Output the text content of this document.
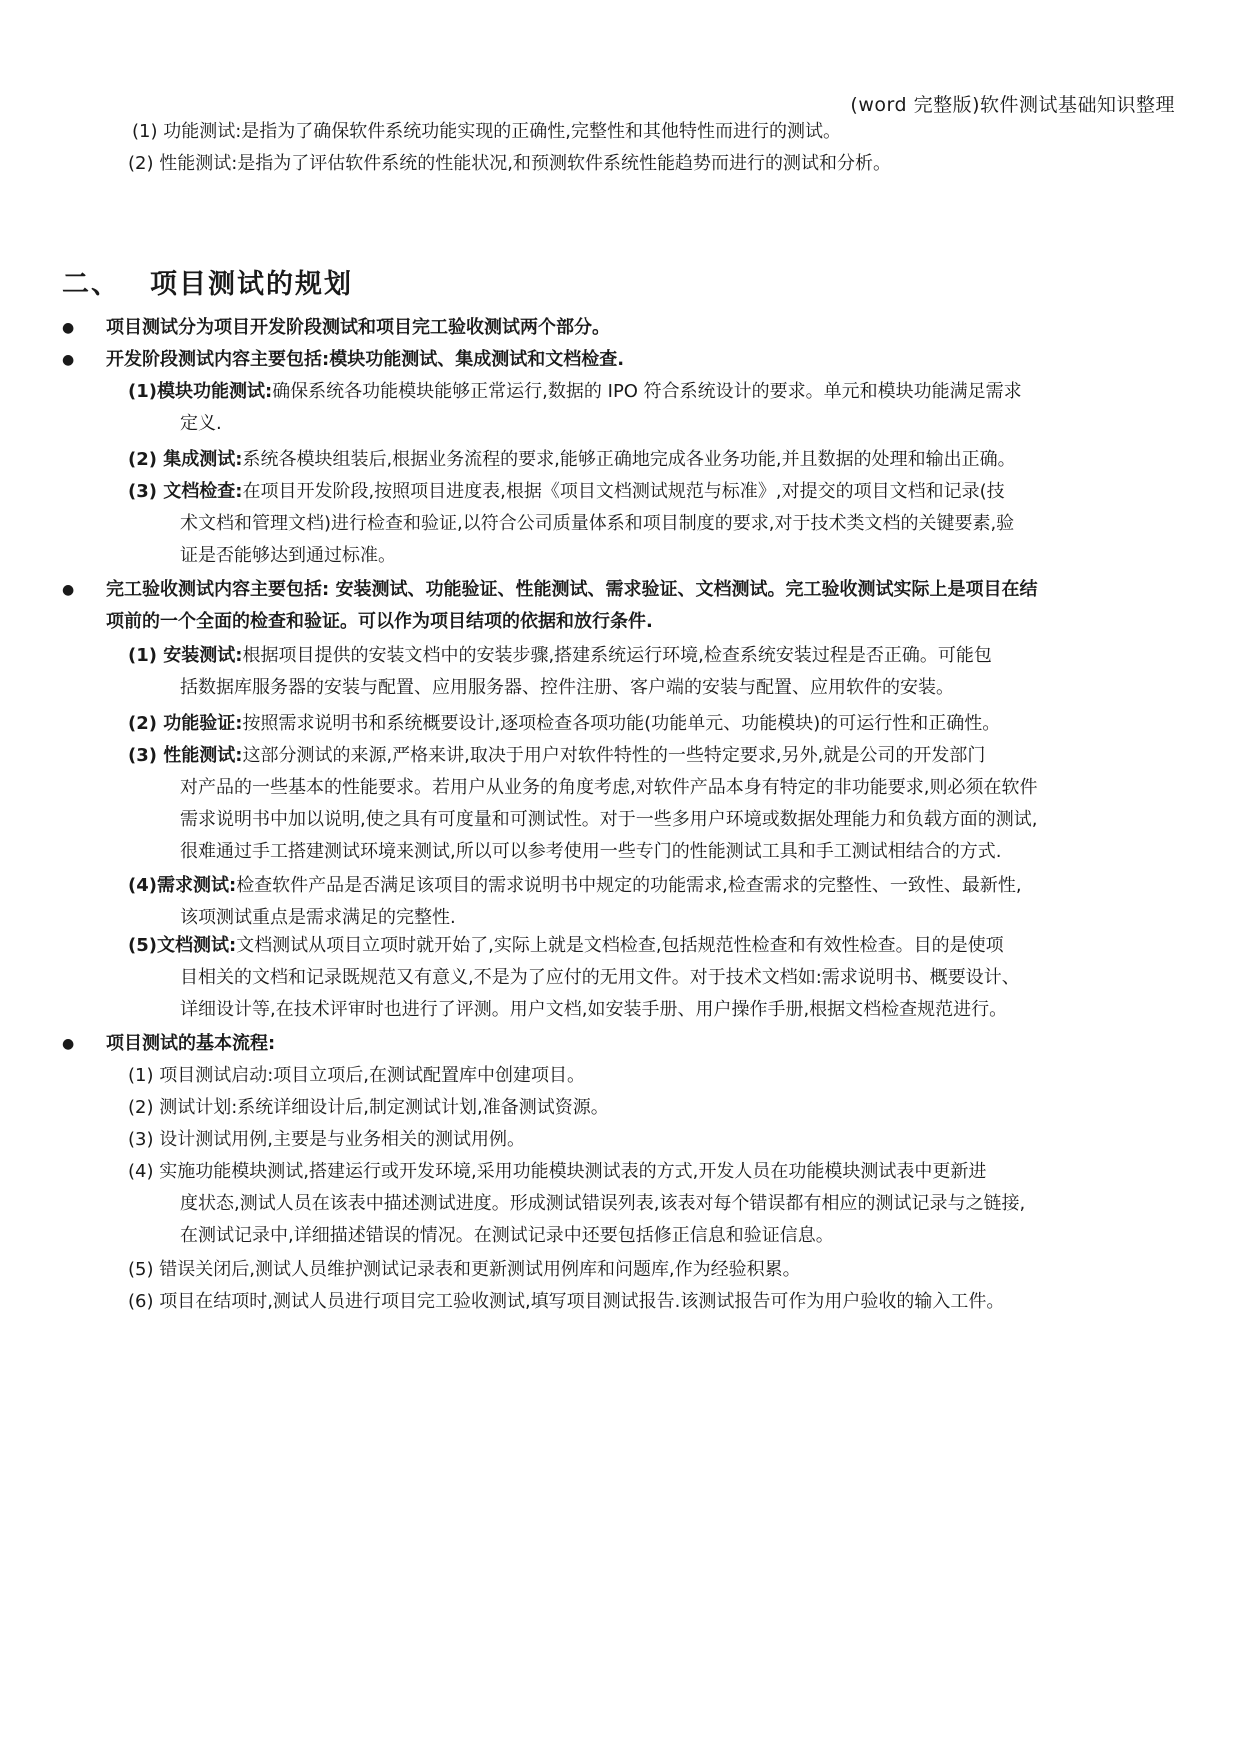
(word 完整版)软件测试基础知识整理

(1) 功能测试:是指为了确保软件系统功能实现的正确性,完整性和其他特性而进行的测试。

(2) 性能测试:是指为了评估软件系统的性能状况,和预测软件系统性能趋势而进行的测试和分析。

二、 项目测试的规划
● 项目测试分为项目开发阶段测试和项目完工验收测试两个部分。
● 开发阶段测试内容主要包括:模块功能测试、集成测试和文档检查.
(1)模块功能测试:确保系统各功能模块能够正常运行,数据的 IPO 符合系统设计的要求。单元和模块功能满足需求
定义.
(2) 集成测试:系统各模块组装后,根据业务流程的要求,能够正确地完成各业务功能,并且数据的处理和输出正确。
(3) 文档检查:在项目开发阶段,按照项目进度表,根据《项目文档测试规范与标准》,对提交的项目文档和记录(技
术文档和管理文档)进行检查和验证,以符合公司质量体系和项目制度的要求,对于技术类文档的关键要素,验
证是否能够达到通过标准。
● 完工验收测试内容主要包括: 安装测试、功能验证、性能测试、需求验证、文档测试。完工验收测试实际上是项目在结
项前的一个全面的检查和验证。可以作为项目结项的依据和放行条件.
(1) 安装测试:根据项目提供的安装文档中的安装步骤,搭建系统运行环境,检查系统安装过程是否正确。可能包
括数据库服务器的安装与配置、应用服务器、控件注册、客户端的安装与配置、应用软件的安装。
(2) 功能验证:按照需求说明书和系统概要设计,逐项检查各项功能(功能单元、功能模块)的可运行性和正确性。
(3) 性能测试:这部分测试的来源,严格来讲,取决于用户对软件特性的一些特定要求,另外,就是公司的开发部门
对产品的一些基本的性能要求。若用户从业务的角度考虑,对软件产品本身有特定的非功能要求,则必须在软件
需求说明书中加以说明,使之具有可度量和可测试性。对于一些多用户环境或数据处理能力和负载方面的测试,
很难通过手工搭建测试环境来测试,所以可以参考使用一些专门的性能测试工具和手工测试相结合的方式.
(4)需求测试:检查软件产品是否满足该项目的需求说明书中规定的功能需求,检查需求的完整性、一致性、最新性,
该项测试重点是需求满足的完整性.
(5)文档测试:文档测试从项目立项时就开始了,实际上就是文档检查,包括规范性检查和有效性检查。目的是使项
目相关的文档和记录既规范又有意义,不是为了应付的无用文件。对于技术文档如:需求说明书、概要设计、
详细设计等,在技术评审时也进行了评测。用户文档,如安装手册、用户操作手册,根据文档检查规范进行。
● 项目测试的基本流程:
(1) 项目测试启动:项目立项后,在测试配置库中创建项目。
(2) 测试计划:系统详细设计后,制定测试计划,准备测试资源。
(3) 设计测试用例,主要是与业务相关的测试用例。
(4) 实施功能模块测试,搭建运行或开发环境,采用功能模块测试表的方式,开发人员在功能模块测试表中更新进
度状态,测试人员在该表中描述测试进度。形成测试错误列表,该表对每个错误都有相应的测试记录与之链接,
在测试记录中,详细描述错误的情况。在测试记录中还要包括修正信息和验证信息。
(5) 错误关闭后,测试人员维护测试记录表和更新测试用例库和问题库,作为经验积累。
(6) 项目在结项时,测试人员进行项目完工验收测试,填写项目测试报告.该测试报告可作为用户验收的输入工件。
